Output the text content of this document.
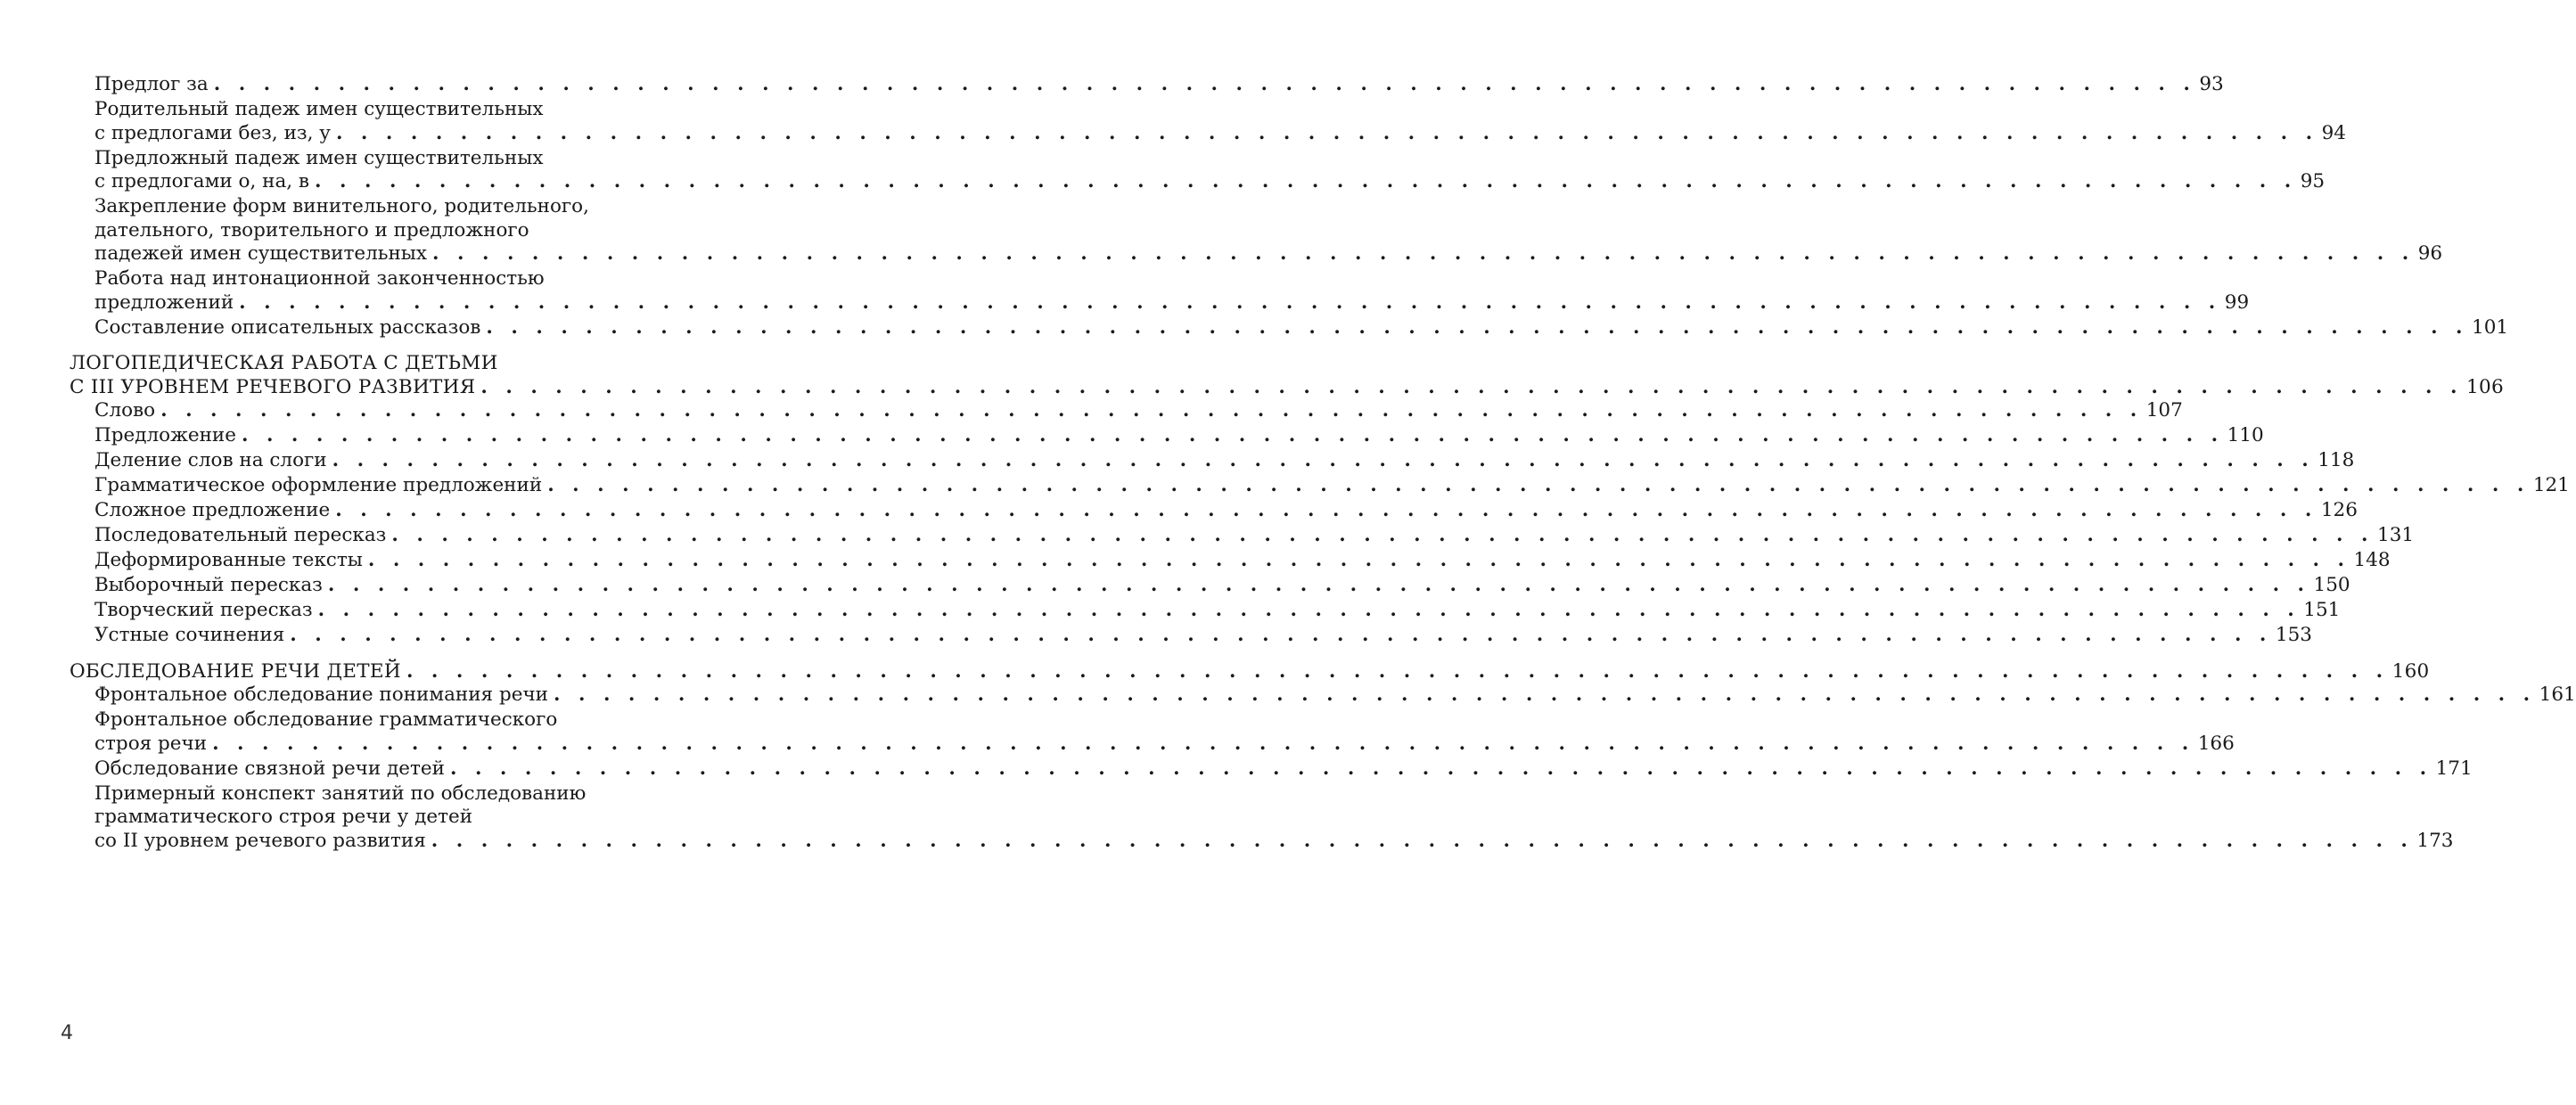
Предлог за . . . . . . . . . . . . . . . . . . . . . . . . . . . . . . . . . . . . . . . . . . . . . . . . . . . . . . . . . . . . . . . . . . . . . . . . . . . . . . . . 93
Родительный падеж имен существительных
с предлогами без, из, у . . . . . . . . . . . . . . . . . . . . . . . . . . . . . . . . . . . . . . . . . . . . . . . . . . . . . . . . . . . . . . . . . . . . . . . . . . . . . . . . 94
Предложный падеж имен существительных
с предлогами о, на, в . . . . . . . . . . . . . . . . . . . . . . . . . . . . . . . . . . . . . . . . . . . . . . . . . . . . . . . . . . . . . . . . . . . . . . . . . . . . . . . . 95
Закрепление форм винительного, родительного,
дательного, творительного и предложного
падежей имен существительных . . . . . . . . . . . . . . . . . . . . . . . . . . . . . . . . . . . . . . . . . . . . . . . . . . . . . . . . . . . . . . . . . . . . . . . . . . . . . . . . 96
Работа над интонационной законченностью
предложений . . . . . . . . . . . . . . . . . . . . . . . . . . . . . . . . . . . . . . . . . . . . . . . . . . . . . . . . . . . . . . . . . . . . . . . . . . . . . . . . 99
Составление описательных рассказов . . . . . . . . . . . . . . . . . . . . . . . . . . . . . . . . . . . . . . . . . . . . . . . . . . . . . . . . . . . . . . . . . . . . . . . . . . . . . . . . 101
ЛОГОПЕДИЧЕСКАЯ РАБОТА С ДЕТЬМИ
С III УРОВНЕМ РЕЧЕВОГО РАЗВИТИЯ . . . . . . . . . . . . . . . . . . . . . . . . . . . . . . . . . . . . . . . . . . . . . . . . . . . . . . . . . . . . . . . . . . . . . . . . . . . . . . . . 106
Слово . . . . . . . . . . . . . . . . . . . . . . . . . . . . . . . . . . . . . . . . . . . . . . . . . . . . . . . . . . . . . . . . . . . . . . . . . . . . . . . . 107
Предложение . . . . . . . . . . . . . . . . . . . . . . . . . . . . . . . . . . . . . . . . . . . . . . . . . . . . . . . . . . . . . . . . . . . . . . . . . . . . . . . . 110
Деление слов на слоги . . . . . . . . . . . . . . . . . . . . . . . . . . . . . . . . . . . . . . . . . . . . . . . . . . . . . . . . . . . . . . . . . . . . . . . . . . . . . . . . 118
Грамматическое оформление предложений . . . . . . . . . . . . . . . . . . . . . . . . . . . . . . . . . . . . . . . . . . . . . . . . . . . . . . . . . . . . . . . . . . . . . . . . . . . . . . . . 121
Сложное предложение . . . . . . . . . . . . . . . . . . . . . . . . . . . . . . . . . . . . . . . . . . . . . . . . . . . . . . . . . . . . . . . . . . . . . . . . . . . . . . . . 126
Последовательный пересказ . . . . . . . . . . . . . . . . . . . . . . . . . . . . . . . . . . . . . . . . . . . . . . . . . . . . . . . . . . . . . . . . . . . . . . . . . . . . . . . . 131
Деформированные тексты . . . . . . . . . . . . . . . . . . . . . . . . . . . . . . . . . . . . . . . . . . . . . . . . . . . . . . . . . . . . . . . . . . . . . . . . . . . . . . . . 148
Выборочный пересказ . . . . . . . . . . . . . . . . . . . . . . . . . . . . . . . . . . . . . . . . . . . . . . . . . . . . . . . . . . . . . . . . . . . . . . . . . . . . . . . . 150
Творческий пересказ . . . . . . . . . . . . . . . . . . . . . . . . . . . . . . . . . . . . . . . . . . . . . . . . . . . . . . . . . . . . . . . . . . . . . . . . . . . . . . . . 151
Устные сочинения . . . . . . . . . . . . . . . . . . . . . . . . . . . . . . . . . . . . . . . . . . . . . . . . . . . . . . . . . . . . . . . . . . . . . . . . . . . . . . . . 153
ОБСЛЕДОВАНИЕ РЕЧИ ДЕТЕЙ . . . . . . . . . . . . . . . . . . . . . . . . . . . . . . . . . . . . . . . . . . . . . . . . . . . . . . . . . . . . . . . . . . . . . . . . . . . . . . . . 160
Фронтальное обследование понимания речи . . . . . . . . . . . . . . . . . . . . . . . . . . . . . . . . . . . . . . . . . . . . . . . . . . . . . . . . . . . . . . . . . . . . . . . . . . . . . . . . 161
Фронтальное обследование грамматического
строя речи . . . . . . . . . . . . . . . . . . . . . . . . . . . . . . . . . . . . . . . . . . . . . . . . . . . . . . . . . . . . . . . . . . . . . . . . . . . . . . . . 166
Обследование связной речи детей . . . . . . . . . . . . . . . . . . . . . . . . . . . . . . . . . . . . . . . . . . . . . . . . . . . . . . . . . . . . . . . . . . . . . . . . . . . . . . . . 171
Примерный конспект занятий по обследованию
грамматического строя речи у детей
со II уровнем речевого развития . . . . . . . . . . . . . . . . . . . . . . . . . . . . . . . . . . . . . . . . . . . . . . . . . . . . . . . . . . . . . . . . . . . . . . . . . . . . . . . . 173
4
